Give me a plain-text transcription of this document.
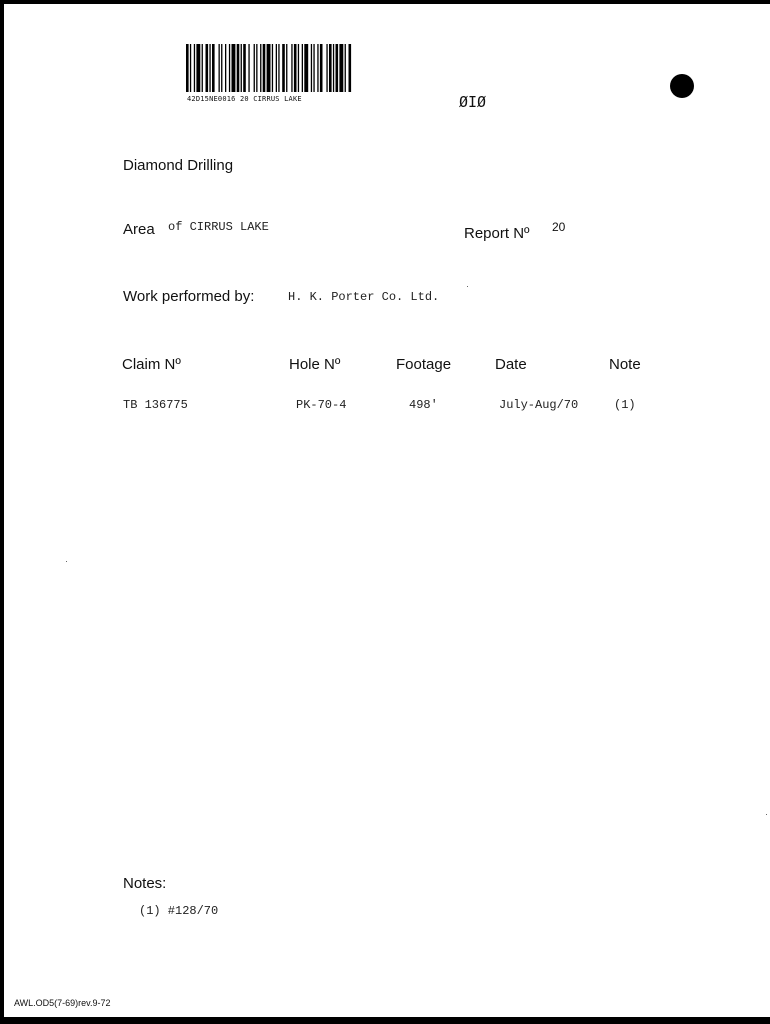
42D15NE0016 20 CIRRUS LAKE	ØIØ
Diamond Drilling
Area of CIRRUS LAKE	Report Nº 20
Work performed by:	H. K. Porter Co. Ltd.
Claim Nº	Hole Nº	Footage	Date	Note
TB 136775	PK-70-4	498'	July-Aug/70	(1)
Notes:
(1) #128/70
AWL.OD5(7-69)rev.9-72
